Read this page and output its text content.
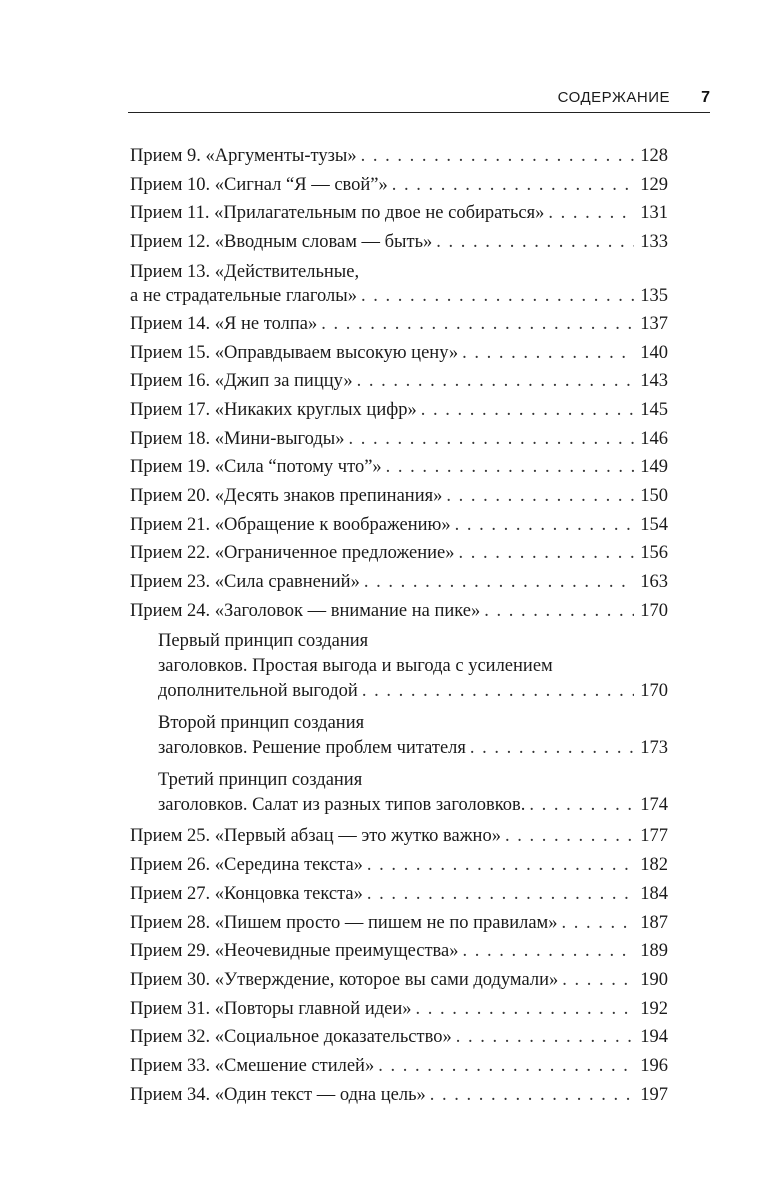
СОДЕРЖАНИЕ 7
Прием 9. «Аргументы-тузы» . . .	128
Прием 10. «Сигнал “Я — свой”» . . .	129
Прием 11. «Прилагательным по двое не собираться» . . .	131
Прием 12. «Вводным словам — быть» . . .	133
Прием 13. «Действительные,
а не страдательные глаголы» . . .	135
Прием 14. «Я не толпа» . . .	137
Прием 15. «Оправдываем высокую цену» . . .	140
Прием 16. «Джип за пиццу» . . .	143
Прием 17. «Никаких круглых цифр» . . .	145
Прием 18. «Мини-выгоды» . . .	146
Прием 19. «Сила “потому что”» . . .	149
Прием 20. «Десять знаков препинания» . . .	150
Прием 21. «Обращение к воображению» . . .	154
Прием 22. «Ограниченное предложение» . . .	156
Прием 23. «Сила сравнений» . . .	163
Прием 24. «Заголовок — внимание на пике» . . .	170
Первый принцип создания
заголовков. Простая выгода и выгода с усилением
дополнительной выгодой . . .	170
Второй принцип создания
заголовков. Решение проблем читателя . . .	173
Третий принцип создания
заголовков. Салат из разных типов заголовков. . . .	174
Прием 25. «Первый абзац — это жутко важно» . . .	177
Прием 26. «Середина текста» . . .	182
Прием 27. «Концовка текста» . . .	184
Прием 28. «Пишем просто — пишем не по правилам» . . .	187
Прием 29. «Неочевидные преимущества» . . .	189
Прием 30. «Утверждение, которое вы сами додумали» . . .	190
Прием 31. «Повторы главной идеи» . . .	192
Прием 32. «Социальное доказательство» . . .	194
Прием 33. «Смешение стилей» . . .	196
Прием 34. «Один текст — одна цель» . . .	197
